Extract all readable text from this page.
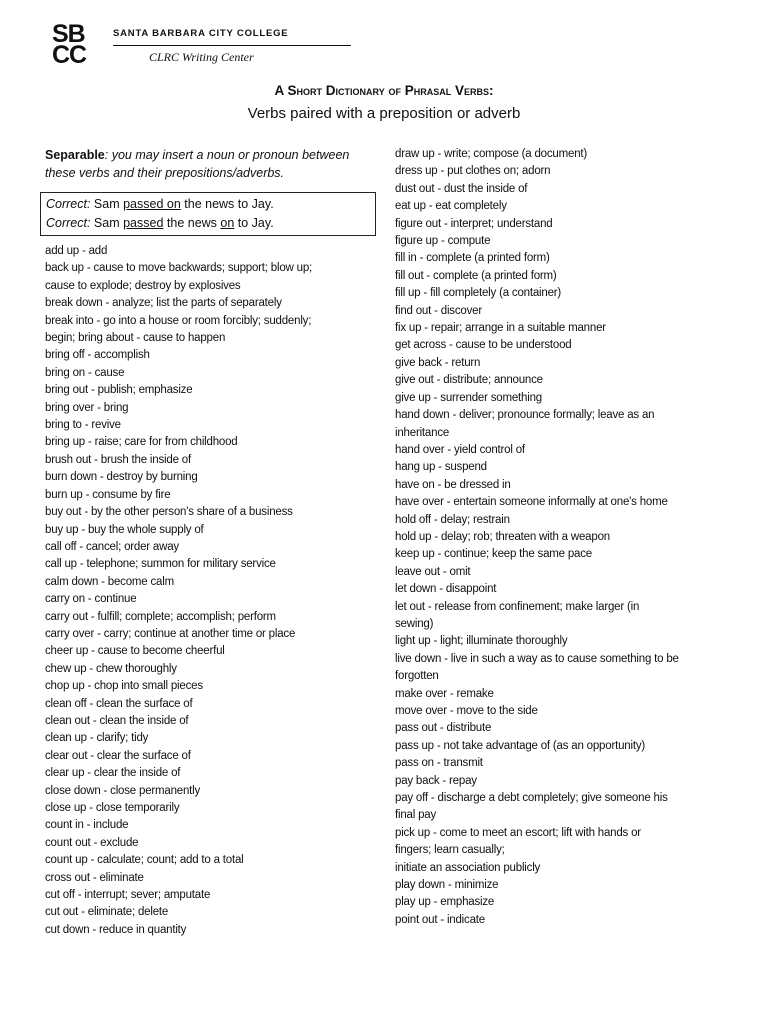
SB
CC
SANTA BARBARA CITY COLLEGE
CLRC Writing Center
A Short Dictionary of Phrasal Verbs:
Verbs paired with a preposition or adverb

Separable: you may insert a noun or pronoun between these verbs and their prepositions/adverbs.

Correct: Sam passed on the news to Jay.
Correct: Sam passed the news on to Jay.
add up - add
back up - cause to move backwards; support; blow up;
cause to explode; destroy by explosives
break down - analyze; list the parts of separately
break into - go into a house or room forcibly; suddenly;
begin; bring about - cause to happen
bring off - accomplish
bring on - cause
bring out - publish; emphasize
bring over - bring
bring to - revive
bring up - raise; care for from childhood
brush out - brush the inside of
burn down - destroy by burning
burn up - consume by fire
buy out - by the other person's share of a business
buy up - buy the whole supply of
call off - cancel; order away
call up - telephone; summon for military service
calm down - become calm
carry on - continue
carry out - fulfill; complete; accomplish; perform
carry over - carry; continue at another time or place
cheer up - cause to become cheerful
chew up - chew thoroughly
chop up - chop into small pieces
clean off - clean the surface of
clean out - clean the inside of
clean up - clarify; tidy
clear out - clear the surface of
clear up - clear the inside of
close down - close permanently
close up - close temporarily
count in - include
count out - exclude
count up - calculate; count; add to a total
cross out - eliminate
cut off - interrupt; sever; amputate
cut out - eliminate; delete
cut down - reduce in quantity
draw up - write; compose (a document)
dress up - put clothes on; adorn
dust out - dust the inside of
eat up - eat completely
figure out - interpret; understand
figure up - compute
fill in - complete (a printed form)
fill out - complete (a printed form)
fill up - fill completely (a container)
find out - discover
fix up - repair; arrange in a suitable manner
get across - cause to be understood
give back - return
give out - distribute; announce
give up - surrender something
hand down - deliver; pronounce formally; leave as an
inheritance
hand over - yield control of
hang up - suspend
have on - be dressed in
have over - entertain someone informally at one's home
hold off - delay; restrain
hold up - delay; rob; threaten with a weapon
keep up - continue; keep the same pace
leave out - omit
let down - disappoint
let out - release from confinement; make larger (in
sewing)
light up - light; illuminate thoroughly
live down - live in such a way as to cause something to be
forgotten
make over - remake
move over - move to the side
pass out - distribute
pass up - not take advantage of (as an opportunity)
pass on - transmit
pay back - repay
pay off - discharge a debt completely; give someone his
final pay
pick up - come to meet an escort; lift with hands or
fingers; learn casually;
initiate an association publicly
play down - minimize
play up - emphasize
point out - indicate
